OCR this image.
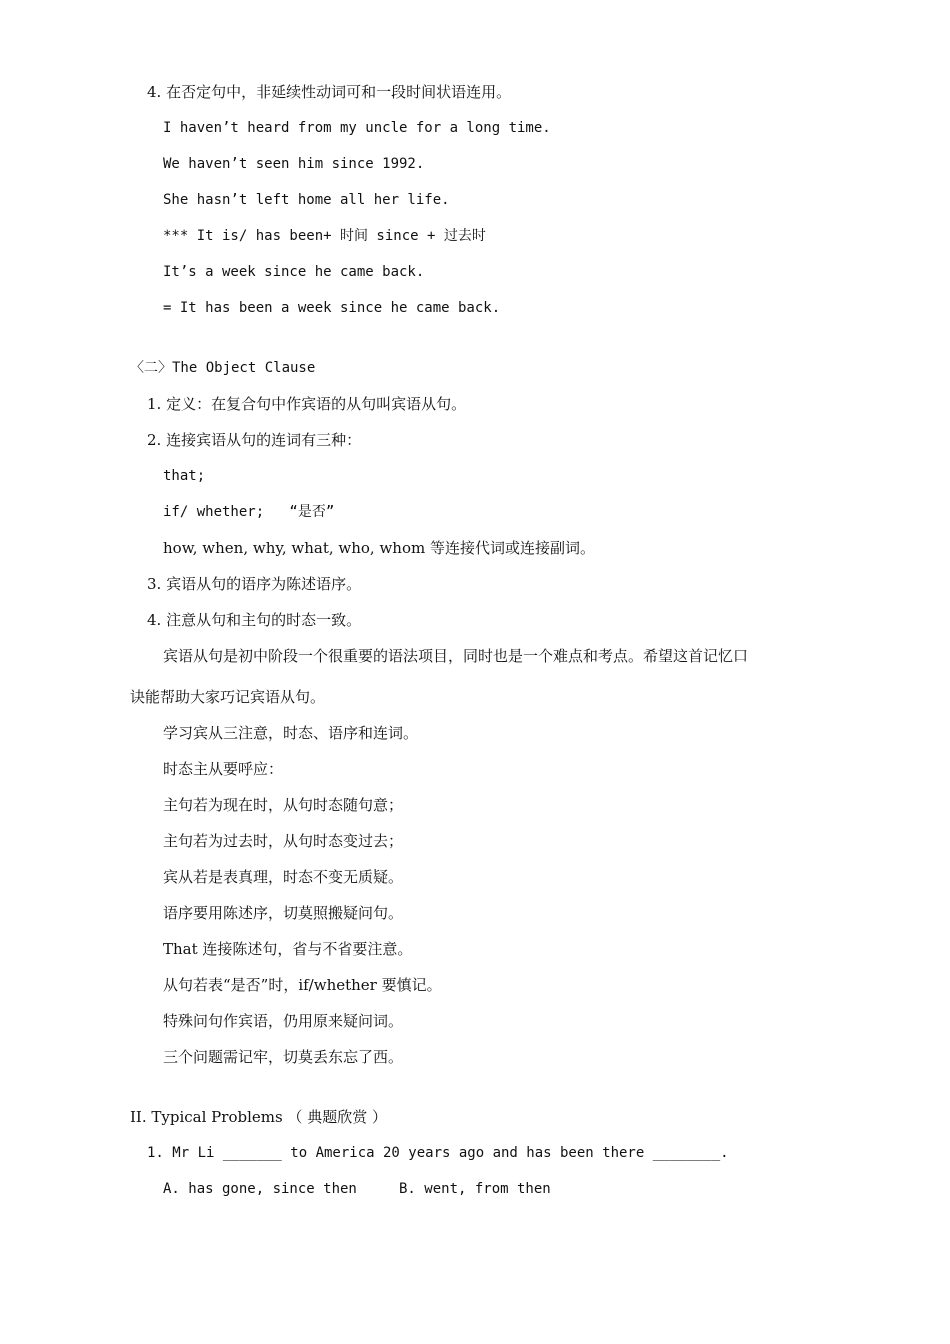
4. 在否定句中，非延续性动词可和一段时间状语连用。
I haven’t heard from my uncle for a long time.
We haven’t seen him since 1992.
She hasn’t left home all her life.
*** It is/ has been+ 时间 since + 过去时
It’s a week since he came back.
= It has been a week since he came back.
〈二〉The Object Clause
1. 定义：在复合句中作宾语的从句叫宾语从句。
2. 连接宾语从句的连词有三种：
that;
if/ whether;   “是否”
how, when, why, what, who, whom 等连接代词或连接副词。
3. 宾语从句的语序为陈述语序。
4. 注意从句和主句的时态一致。
宾语从句是初中阶段一个很重要的语法项目，同时也是一个难点和考点。希望这首记忆口
诀能帮助大家巧记宾语从句。
学习宾从三注意，时态、语序和连词。
时态主从要呼应：
主句若为现在时，从句时态随句意；
主句若为过去时，从句时态变过去；
宾从若是表真理，时态不变无质疑。
语序要用陈述序，切莫照搬疑问句。
That 连接陈述句，省与不省要注意。
从句若表“是否”时，if/whether 要慎记。
特殊问句作宾语，仍用原来疑问词。
三个问题需记牢，切莫丢东忘了西。
II. Typical Problems （ 典题欣赏 ）
1. Mr Li _______ to America 20 years ago and has been there ________.
A. has gone, since then     B. went, from then
